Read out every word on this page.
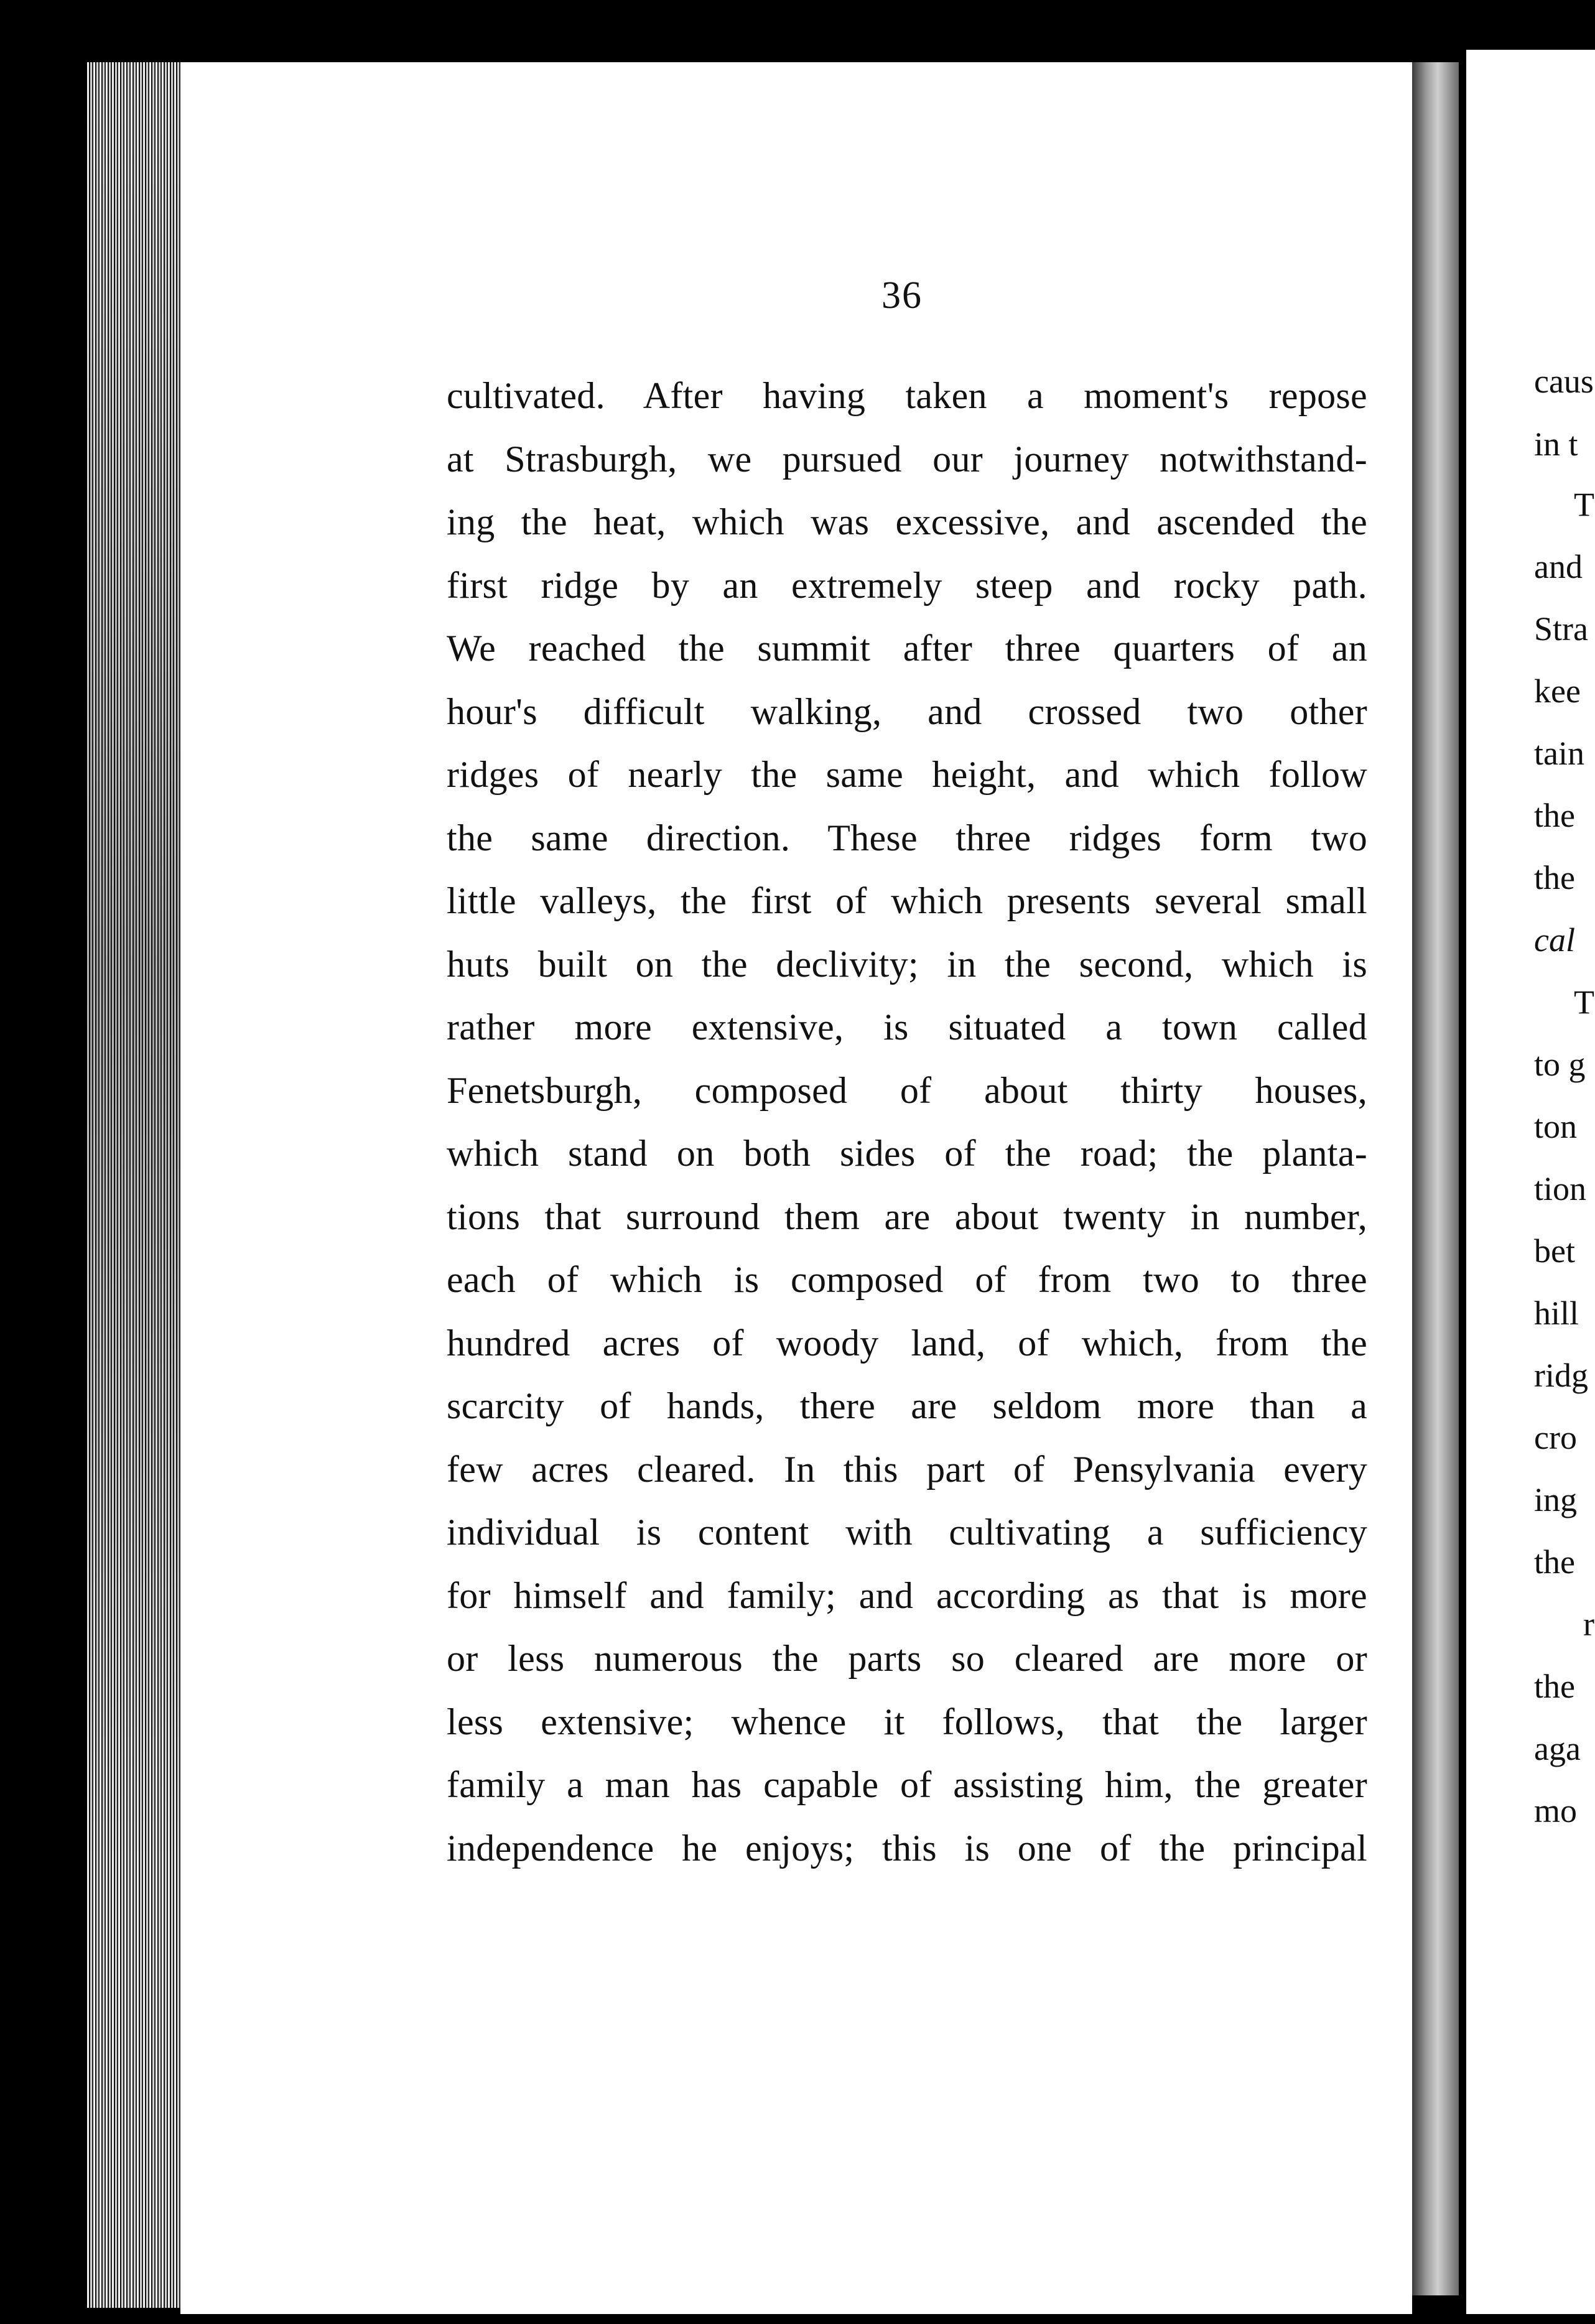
36
cultivated. After having taken a moment's repose
at Strasburgh, we pursued our journey notwithstand-
ing the heat, which was excessive, and ascended the
first ridge by an extremely steep and rocky path.
We reached the summit after three quarters of an
hour's difficult walking, and crossed two other
ridges of nearly the same height, and which follow
the same direction. These three ridges form two
little valleys, the first of which presents several small
huts built on the declivity; in the second, which is
rather more extensive, is situated a town called
Fenetsburgh, composed of about thirty houses,
which stand on both sides of the road; the planta-
tions that surround them are about twenty in number,
each of which is composed of from two to three
hundred acres of woody land, of which, from the
scarcity of hands, there are seldom more than a
few acres cleared. In this part of Pensylvania every
individual is content with cultivating a sufficiency
for himself and family; and according as that is more
or less numerous the parts so cleared are more or
less extensive; whence it follows, that the larger
family a man has capable of assisting him, the greater
independence he enjoys; this is one of the principal
caus
in t
T
and
Stra
kee
tain
the
the
cal
T
to g
ton
tion
bet
hill
ridg
cro
ing
the
r
the
aga
mo
